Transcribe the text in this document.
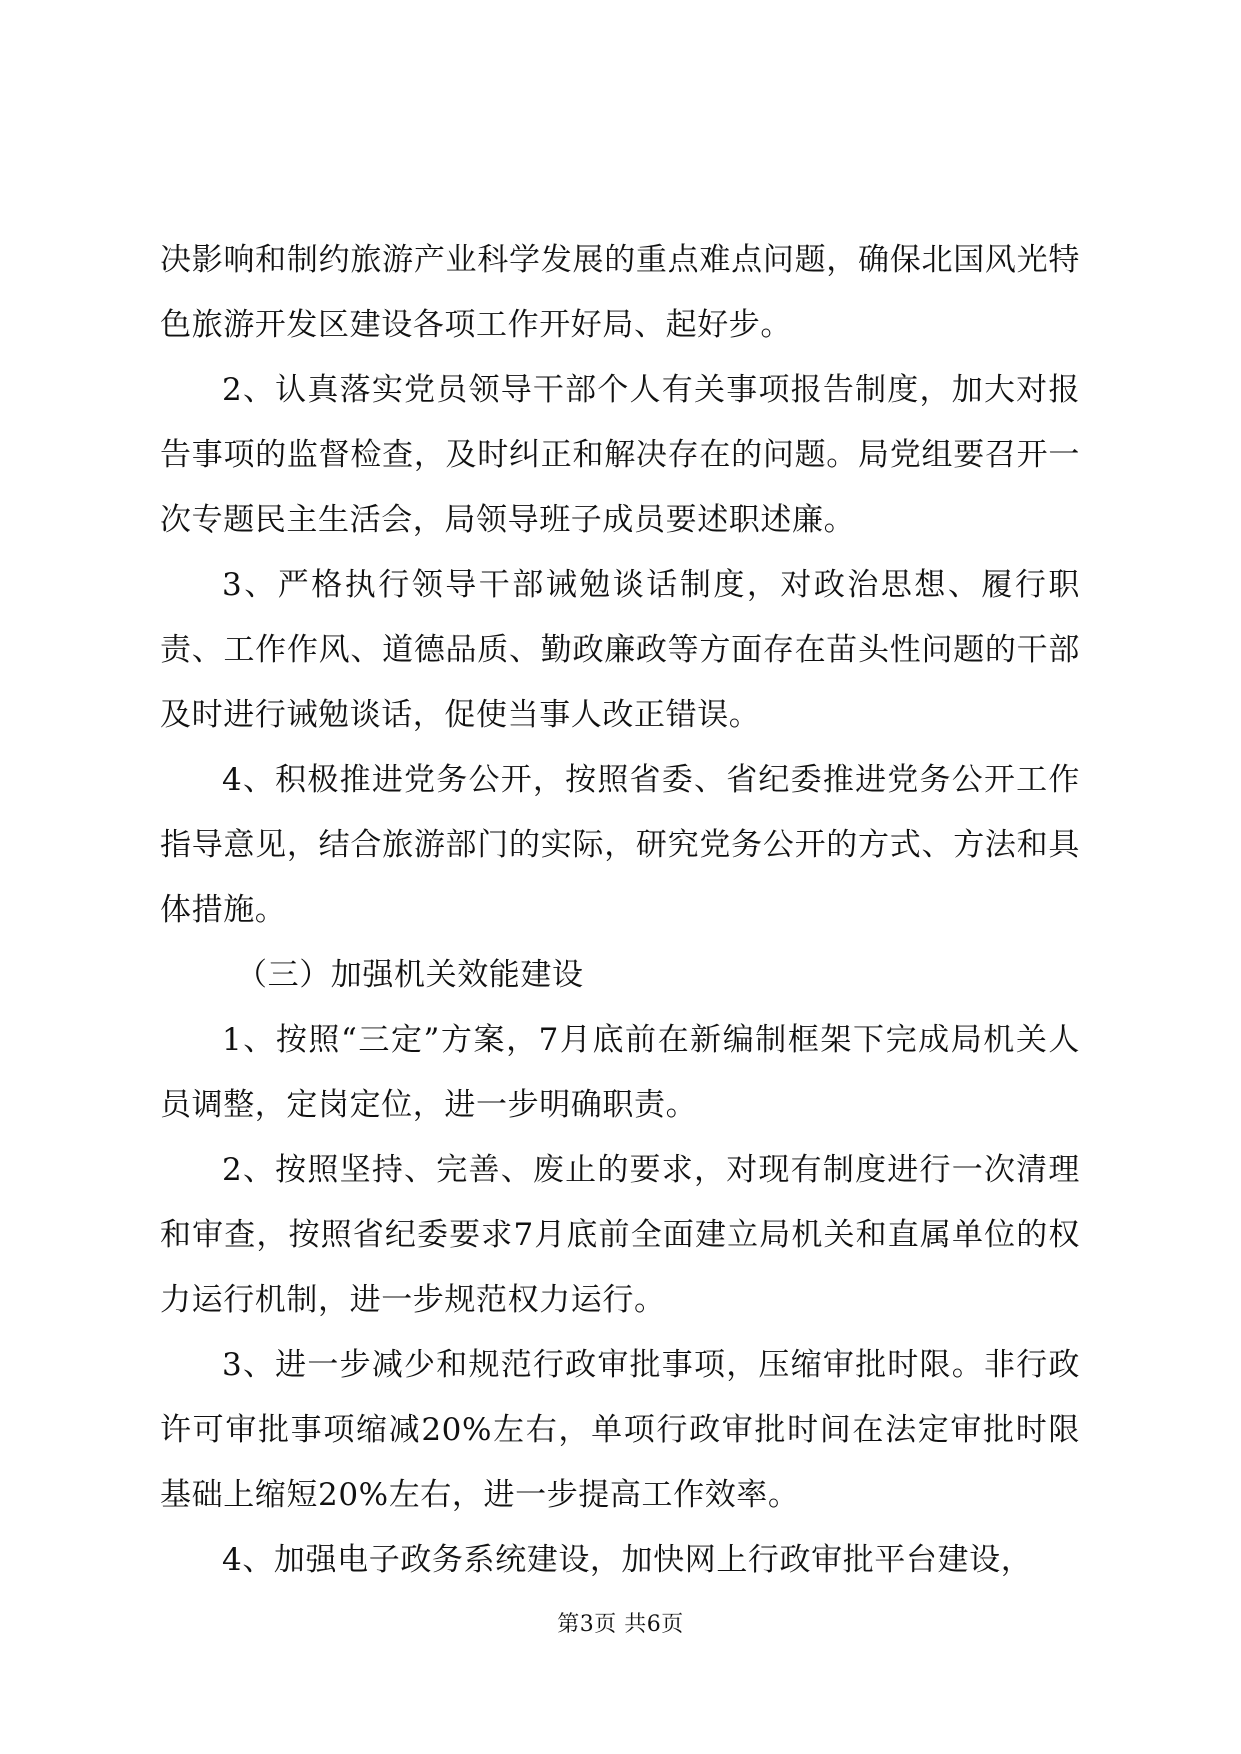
决影响和制约旅游产业科学发展的重点难点问题，确保北国风光特色旅游开发区建设各项工作开好局、起好步。

2、认真落实党员领导干部个人有关事项报告制度，加大对报告事项的监督检查，及时纠正和解决存在的问题。局党组要召开一次专题民主生活会，局领导班子成员要述职述廉。

3、严格执行领导干部诫勉谈话制度，对政治思想、履行职责、工作作风、道德品质、勤政廉政等方面存在苗头性问题的干部及时进行诫勉谈话，促使当事人改正错误。

4、积极推进党务公开，按照省委、省纪委推进党务公开工作指导意见，结合旅游部门的实际，研究党务公开的方式、方法和具体措施。

（三）加强机关效能建设

1、按照“三定”方案，7月底前在新编制框架下完成局机关人员调整，定岗定位，进一步明确职责。

2、按照坚持、完善、废止的要求，对现有制度进行一次清理和审查，按照省纪委要求7月底前全面建立局机关和直属单位的权力运行机制，进一步规范权力运行。

3、进一步减少和规范行政审批事项，压缩审批时限。非行政许可审批事项缩减20%左右，单项行政审批时间在法定审批时限基础上缩短20%左右，进一步提高工作效率。

4、加强电子政务系统建设，加快网上行政审批平台建设，

第3页 共6页
